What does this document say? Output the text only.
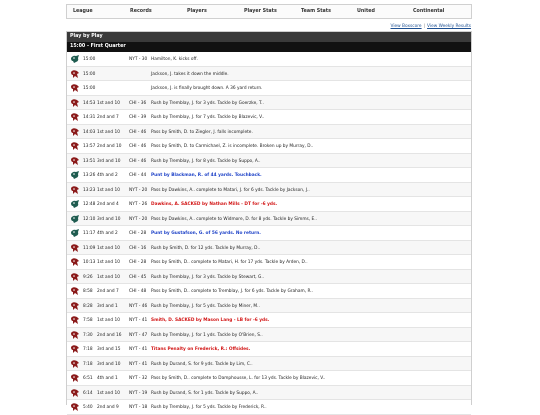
League	Records	Players	Player Stats	Team Stats	United	Continental
View Boxscore | View Weekly Results
Play by Play
15:00 - First Quarter
15:00	NYT - 30 Hamilton, K. kicks off.
15:00	Jackson, J. takes it down the middle.
15:00	Jackson, J. is finally brought down. A 36 yard return.
14:53 1st and 10 CHI - 36 Rush by Tremblay, J. for 3 yds. Tackle by Goerzke, T..
14:31 2nd and 7 CHI - 39 Rush by Tremblay, J. for 7 yds. Tackle by Blazevic, V..
14:03 1st and 10 CHI - 46 Pass by Smith, D. to Ziegler, J. falls incomplete.
13:57 2nd and 10 CHI - 46 Pass by Smith, D. to Carmichael, Z. is incomplete. Broken up by Murray, D..
13:51 3rd and 10 CHI - 46 Rush by Tremblay, J. for 8 yds. Tackle by Suppo, A..
13:26 4th and 2	CHI - 44 Punt by Blackman, R. of 44 yards. Touchback.
13:23 1st and 10 NYT - 20 Pass by Dawkins, A.. complete to Matari, J. for 6 yds. Tackle by Jackson, J..
12:48 2nd and 4 NYT - 26 Dawkins, A. SACKED by Nathan Mills - DT for -6 yds.
12:10 3rd and 10 NYT - 20 Pass by Dawkins, A.. complete to Widmore, D. for 8 yds. Tackle by Simms, E..
11:17 4th and 2	CHI - 28 Punt by Gustafson, G. of 56 yards. No return.
11:09 1st and 10 CHI - 16 Rush by Smith, D. for 12 yds. Tackle by Murray, D..
10:13 1st and 10 CHI - 28 Pass by Smith, D.. complete to Matari, H. for 17 yds. Tackle by Arden, D..
9:26 1st and 10 CHI - 45 Rush by Tremblay, J. for 3 yds. Tackle by Stewart, G..
8:58 2nd and 7 CHI - 48 Pass by Smith, D.. complete to Tremblay, J. for 6 yds. Tackle by Graham, R..
8:28 3rd and 1	NYT - 46 Rush by Tremblay, J. for 5 yds. Tackle by Miner, M..
7:58 1st and 10 NYT - 41 Smith, D. SACKED by Mason Lang - LB for -6 yds.
7:30 2nd and 16 NYT - 47 Rush by Tremblay, J. for 1 yds. Tackle by O'Brien, S..
7:18 3rd and 15 NYT - 41 Titans Penalty on Frederick, R.: Offsides.
7:18 3rd and 10 NYT - 41 Rush by Durand, S. for 9 yds. Tackle by Lim, C..
6:51 4th and 1	NYT - 32 Pass by Smith, D.. complete to Damphousse, L. for 13 yds. Tackle by Blazevic, V..
6:14 1st and 10 NYT - 19 Rush by Durand, S. for 1 yds. Tackle by Suppo, A..
5:40 2nd and 9 NYT - 18 Rush by Tremblay, J. for 5 yds. Tackle by Frederick, R..
